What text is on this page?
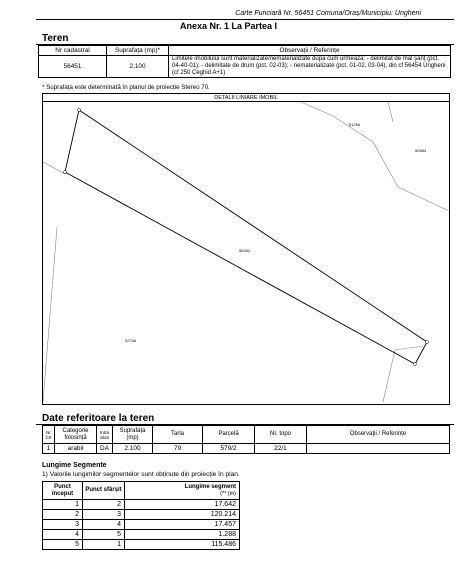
Carte Funciară Nr. 56451 Comuna/Oraș/Municipiu: Ungheni
Anexa Nr. 1 La Partea I
Teren
Nr cadastral	Suprafața (mp)*	Observații / Referințe
56451	2.100	Limitele imobilului sunt materializate/nematerializate după cum urmează: - delimitat de mal şanţ (pct. 04-40-01); - delimitate de drum (pct. 02-03); - nematerializate (pct. 01-02, 03-04), din cf 56454 Ungheni (cf 250 Ceghid A+1)
* Suprafața este determinată în planul de proiecție Stereo 70.
DETALII LINIARE IMOBIL
56451
51256
50484
52746
Date referitoare la teren
Nr Crt	Categorie folosință	Intra vilan	Suprafața (mp)	Tarla	Parcelă	Nr. topo	Observații / Referințe
1	arabil	DA	2.100	79	579/2	22/1	
Lungime Segmente
1) Valorile lungimilor segmentelor sunt obținute din proiecție în plan.
Punct început	Punct sfârșit	Lungime segment
(** (m)
1	2	17.642
2	3	120.214
3	4	17.457
4	5	1.288
5	1	115.486
